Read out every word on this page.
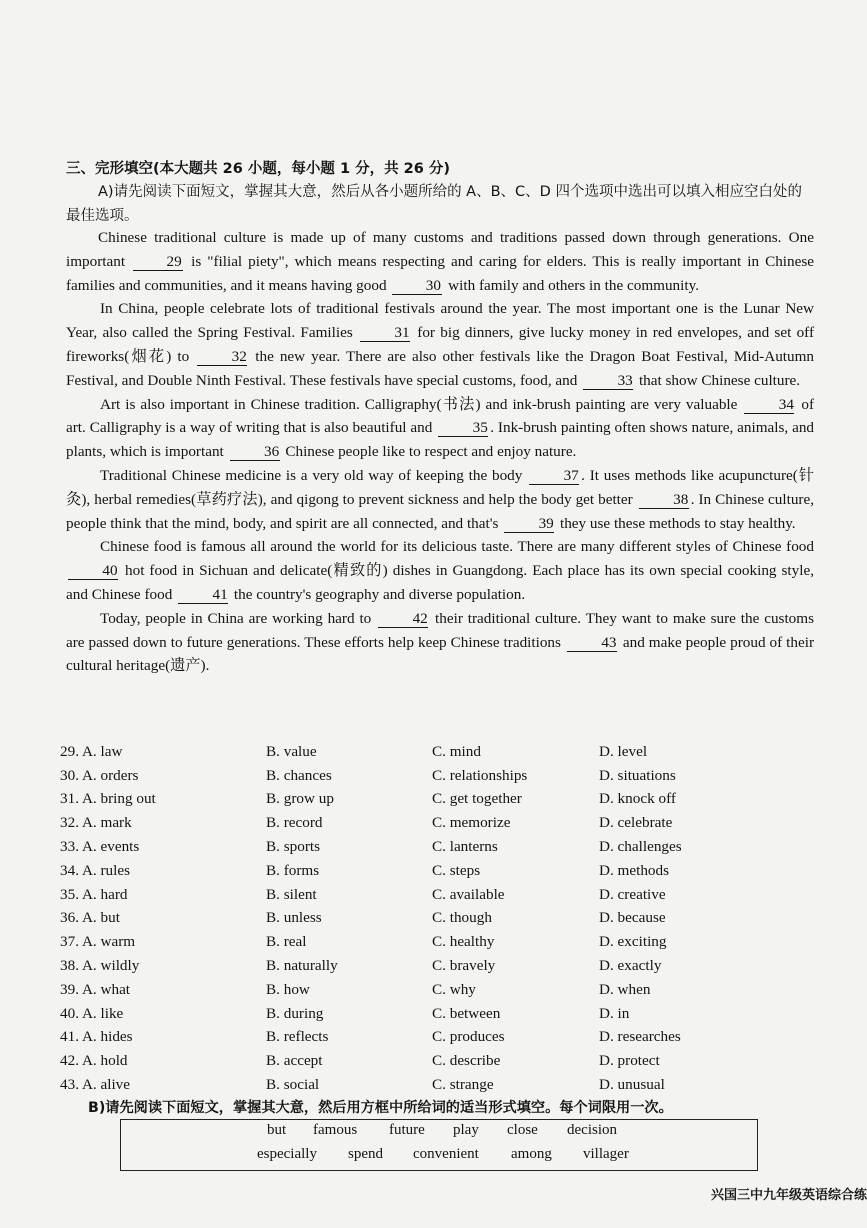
三、完形填空(本大题共 26 小题，每小题 1 分，共 26 分)
A)请先阅读下面短文，掌握其大意，然后从各小题所给的 A、B、C、D 四个选项中选出可以填入相应空白处的最佳选项。

Chinese traditional culture is made up of many customs and traditions passed down through generations. One important	29 is "filial piety", which means respecting and caring for elders. This is really important in Chinese families and communities, and it means having good	30 with family and others in the community.

In China, people celebrate lots of traditional festivals around the year. The most important one is the Lunar New Year, also called the Spring Festival. Families	31 for big dinners, give lucky money in red envelopes, and set off fireworks(烟花) to	32 the new year. There are also other festivals like the Dragon Boat Festival, Mid-Autumn Festival, and Double Ninth Festival. These festivals have special customs, food, and	33 that show Chinese culture.

Art is also important in Chinese tradition. Calligraphy(书法) and ink-brush painting are very valuable	34 of art. Calligraphy is a way of writing that is also beautiful and	35 . Ink-brush painting often shows nature, animals, and plants, which is important	36 Chinese people like to respect and enjoy nature.

Traditional Chinese medicine is a very old way of keeping the body	37 . It uses methods like acupuncture(针灸), herbal remedies(草药疗法), and qigong to prevent sickness and help the body get better	38 . In Chinese culture, people think that the mind, body, and spirit are all connected, and that's	39 they use these methods to stay healthy.

Chinese food is famous all around the world for its delicious taste. There are many different styles of Chinese food 40 hot food in Sichuan and delicate(精致的) dishes in Guangdong. Each place has its own special cooking style, and Chinese food	41 the country's geography and diverse population.

Today, people in China are working hard to	42 their traditional culture. They want to make sure the customs are passed down to future generations. These efforts help keep Chinese traditions	43 and make people proud of their cultural heritage(遗产).

29. A. law	B. value	C. mind	D. level
30. A. orders	B. chances	C. relationships	D. situations
31. A. bring out	B. grow up	C. get together	D. knock off
32. A. mark	B. record	C. memorize	D. celebrate
33. A. events	B. sports	C. lanterns	D. challenges
34. A. rules	B. forms	C. steps	D. methods
35. A. hard	B. silent	C. available	D. creative
36. A. but	B. unless	C. though	D. because
37. A. warm	B. real	C. healthy	D. exciting
38. A. wildly	B. naturally	C. bravely	D. exactly
39. A. what	B. how	C. why	D. when
40. A. like	B. during	C. between	D. in
41. A. hides	B. reflects	C. produces	D. researches
42. A. hold	B. accept	C. describe	D. protect
43. A. alive	B. social	C. strange	D. unusual
B)请先阅读下面短文，掌握其大意，然后用方框中所给词的适当形式填空。每个词限用一次。
but famous future play close decision
especially spend convenient among villager
兴国三中九年级英语综合练
